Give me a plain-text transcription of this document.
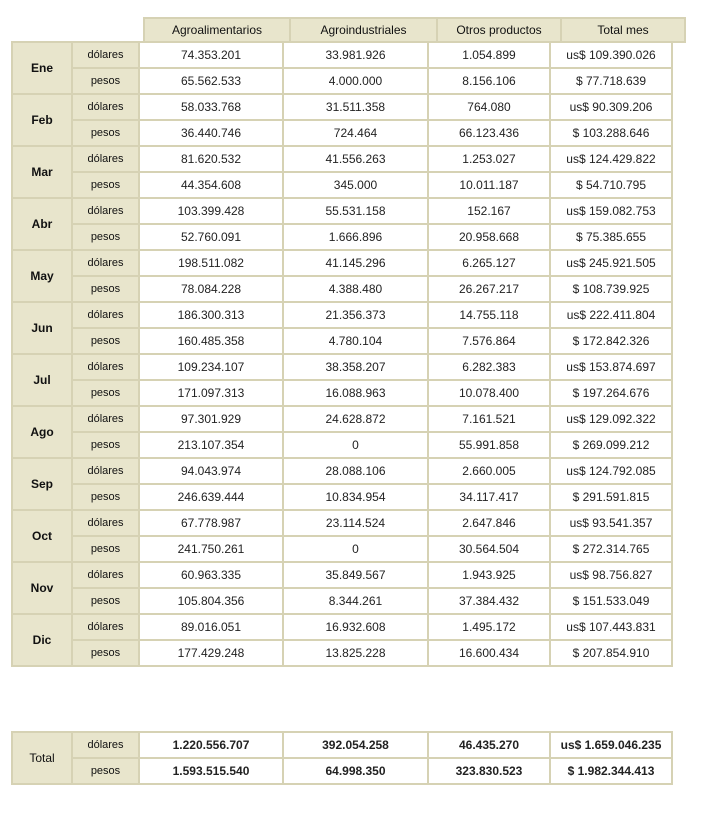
Agroalimentarios	Agroindustriales	Otros productos	Total mes
Ene	dólares	74.353.201	33.981.926	1.054.899	us$ 109.390.026
	pesos	65.562.533	4.000.000	8.156.106	$ 77.718.639
Feb	dólares	58.033.768	31.511.358	764.080	us$ 90.309.206
	pesos	36.440.746	724.464	66.123.436	$ 103.288.646
Mar	dólares	81.620.532	41.556.263	1.253.027	us$ 124.429.822
	pesos	44.354.608	345.000	10.011.187	$ 54.710.795
Abr	dólares	103.399.428	55.531.158	152.167	us$ 159.082.753
	pesos	52.760.091	1.666.896	20.958.668	$ 75.385.655
May	dólares	198.511.082	41.145.296	6.265.127	us$ 245.921.505
	pesos	78.084.228	4.388.480	26.267.217	$ 108.739.925
Jun	dólares	186.300.313	21.356.373	14.755.118	us$ 222.411.804
	pesos	160.485.358	4.780.104	7.576.864	$ 172.842.326
Jul	dólares	109.234.107	38.358.207	6.282.383	us$ 153.874.697
	pesos	171.097.313	16.088.963	10.078.400	$ 197.264.676
Ago	dólares	97.301.929	24.628.872	7.161.521	us$ 129.092.322
	pesos	213.107.354	0	55.991.858	$ 269.099.212
Sep	dólares	94.043.974	28.088.106	2.660.005	us$ 124.792.085
	pesos	246.639.444	10.834.954	34.117.417	$ 291.591.815
Oct	dólares	67.778.987	23.114.524	2.647.846	us$ 93.541.357
	pesos	241.750.261	0	30.564.504	$ 272.314.765
Nov	dólares	60.963.335	35.849.567	1.943.925	us$ 98.756.827
	pesos	105.804.356	8.344.261	37.384.432	$ 151.533.049
Dic	dólares	89.016.051	16.932.608	1.495.172	us$ 107.443.831
	pesos	177.429.248	13.825.228	16.600.434	$ 207.854.910
Total	dólares	1.220.556.707	392.054.258	46.435.270	us$ 1.659.046.235
	pesos	1.593.515.540	64.998.350	323.830.523	$ 1.982.344.413
